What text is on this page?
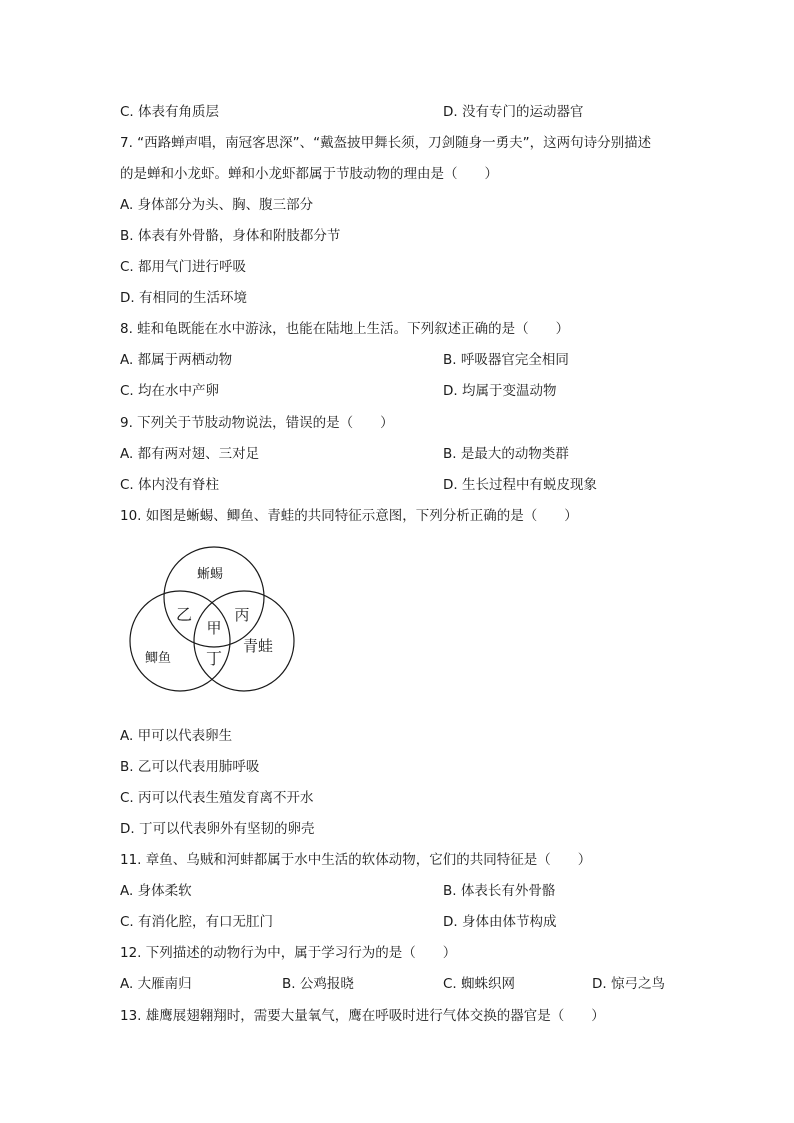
C. 体表有角质层	D. 没有专门的运动器官
7. “西路蝉声唱，南冠客思深”、“戴盔披甲舞长须，刀剑随身一勇夫”，这两句诗分别描述
的是蝉和小龙虾。蝉和小龙虾都属于节肢动物的理由是（　　）
A. 身体部分为头、胸、腹三部分
B. 体表有外骨骼，身体和附肢都分节
C. 都用气门进行呼吸
D. 有相同的生活环境
8. 蛙和龟既能在水中游泳，也能在陆地上生活。下列叙述正确的是（　　）
A. 都属于两栖动物	B. 呼吸器官完全相同
C. 均在水中产卵	D. 均属于变温动物
9. 下列关于节肢动物说法，错误的是（　　）
A. 都有两对翅、三对足	B. 是最大的动物类群
C. 体内没有脊柱	D. 生长过程中有蜕皮现象
10. 如图是蜥蜴、鲫鱼、青蛙的共同特征示意图，下列分析正确的是（　　）
蜥蜴
鲫鱼
青蛙
甲
乙	丙
丁
A. 甲可以代表卵生
B. 乙可以代表用肺呼吸
C. 丙可以代表生殖发育离不开水
D. 丁可以代表卵外有坚韧的卵壳
11. 章鱼、乌贼和河蚌都属于水中生活的软体动物，它们的共同特征是（　　）
A. 身体柔软	B. 体表长有外骨骼
C. 有消化腔，有口无肛门	D. 身体由体节构成
12. 下列描述的动物行为中，属于学习行为的是（　　）
A. 大雁南归	B. 公鸡报晓	C. 蜘蛛织网	D. 惊弓之鸟
13. 雄鹰展翅翱翔时，需要大量氧气，鹰在呼吸时进行气体交换的器官是（　　）
